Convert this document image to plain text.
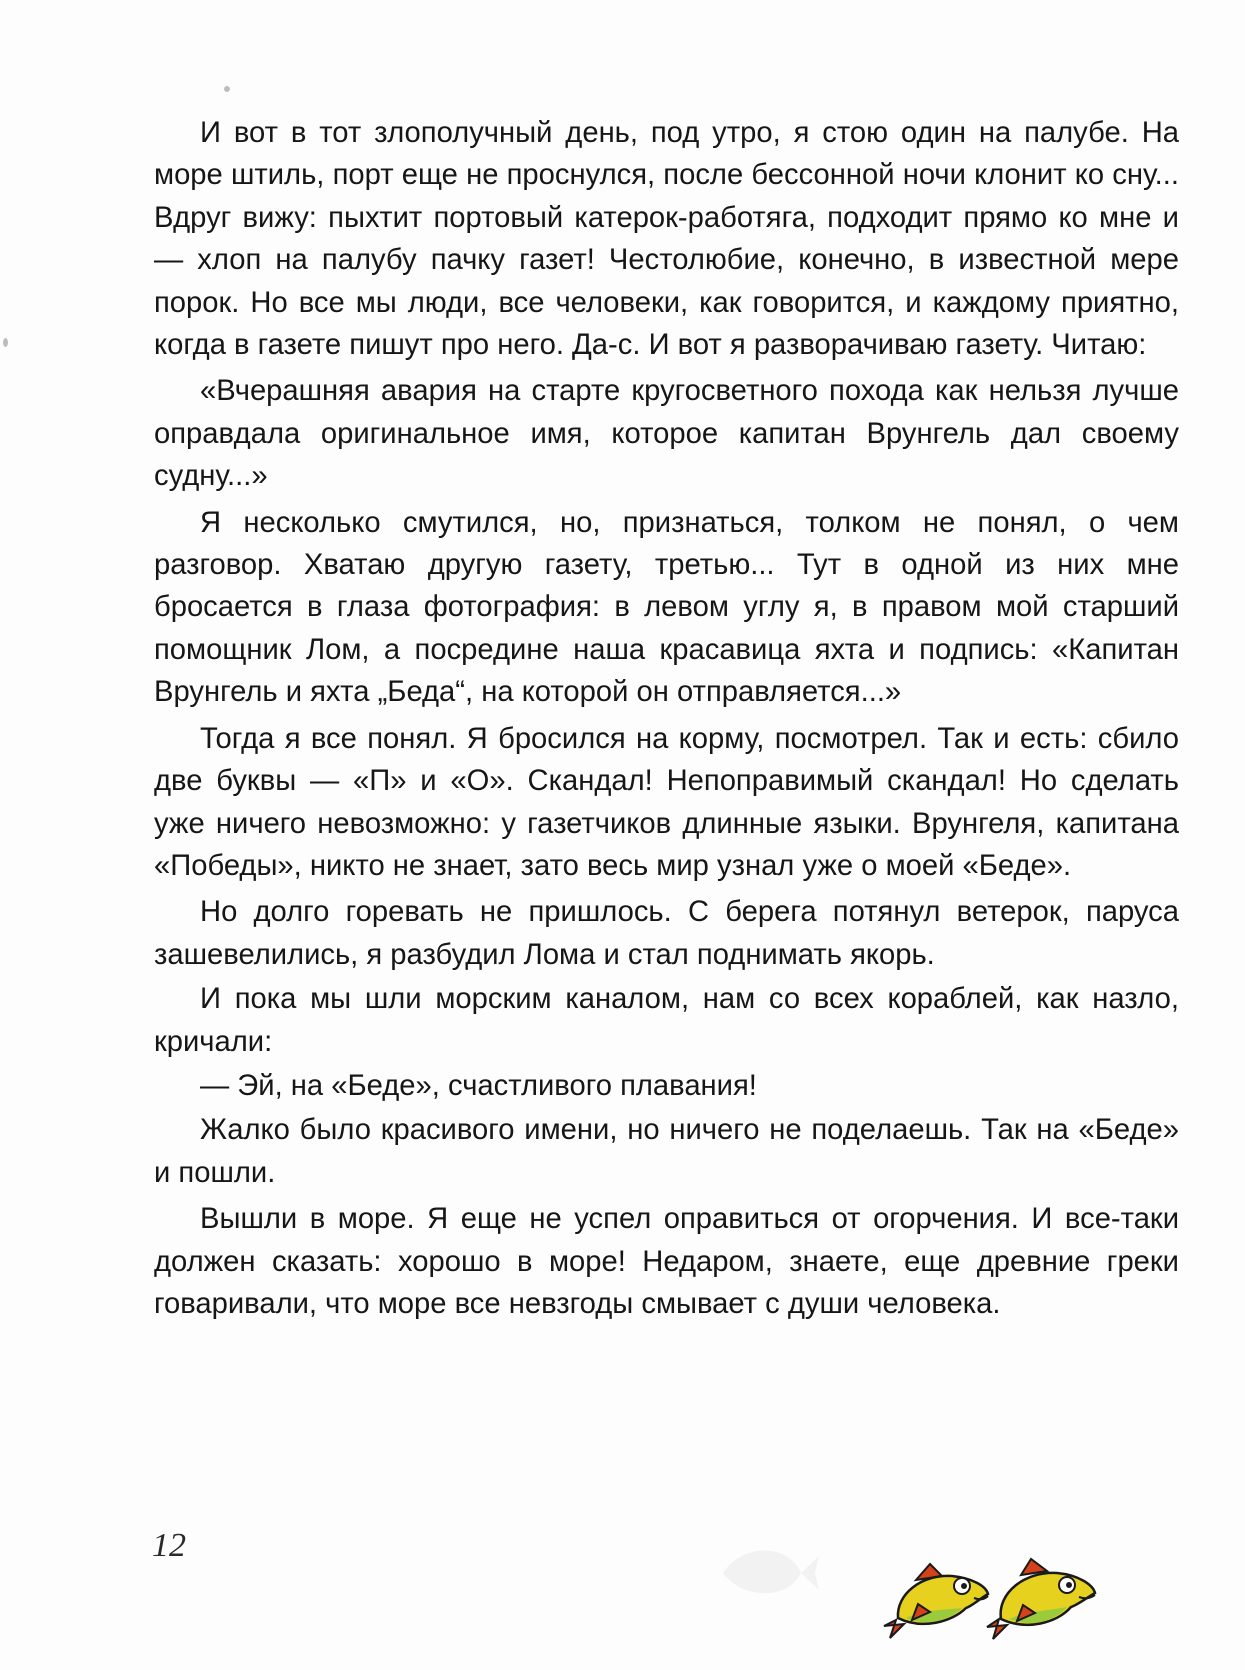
И вот в тот злополучный день, под утро, я стою один на палубе. На море штиль, порт еще не проснулся, после бессонной ночи клонит ко сну... Вдруг вижу: пыхтит портовый катерок-работяга, подходит прямо ко мне и — хлоп на палубу пачку газет! Честолюбие, конечно, в известной мере порок. Но все мы люди, все человеки, как говорится, и каждому приятно, когда в газете пишут про него. Да-с. И вот я разворачиваю газету. Читаю:

«Вчерашняя авария на старте кругосветного похода как нельзя лучше оправдала оригинальное имя, которое капитан Врунгель дал своему судну...»

Я несколько смутился, но, признаться, толком не понял, о чем разговор. Хватаю другую газету, третью... Тут в одной из них мне бросается в глаза фотография: в левом углу я, в правом мой старший помощник Лом, а посредине наша красавица яхта и подпись: «Капитан Врунгель и яхта „Беда“, на которой он отправляется...»

Тогда я все понял. Я бросился на корму, посмотрел. Так и есть: сбило две буквы — «П» и «О». Скандал! Непоправимый скандал! Но сделать уже ничего невозможно: у газетчиков длинные языки. Врунгеля, капитана «Победы», никто не знает, зато весь мир узнал уже о моей «Беде».

Но долго горевать не пришлось. С берега потянул ветерок, паруса зашевелились, я разбудил Лома и стал поднимать якорь.

И пока мы шли морским каналом, нам со всех кораблей, как назло, кричали:

— Эй, на «Беде», счастливого плавания!

Жалко было красивого имени, но ничего не поделаешь. Так на «Беде» и пошли.

Вышли в море. Я еще не успел оправиться от огорчения. И все-таки должен сказать: хорошо в море! Недаром, знаете, еще древние греки говаривали, что море все невзгоды смывает с души человека.

12
